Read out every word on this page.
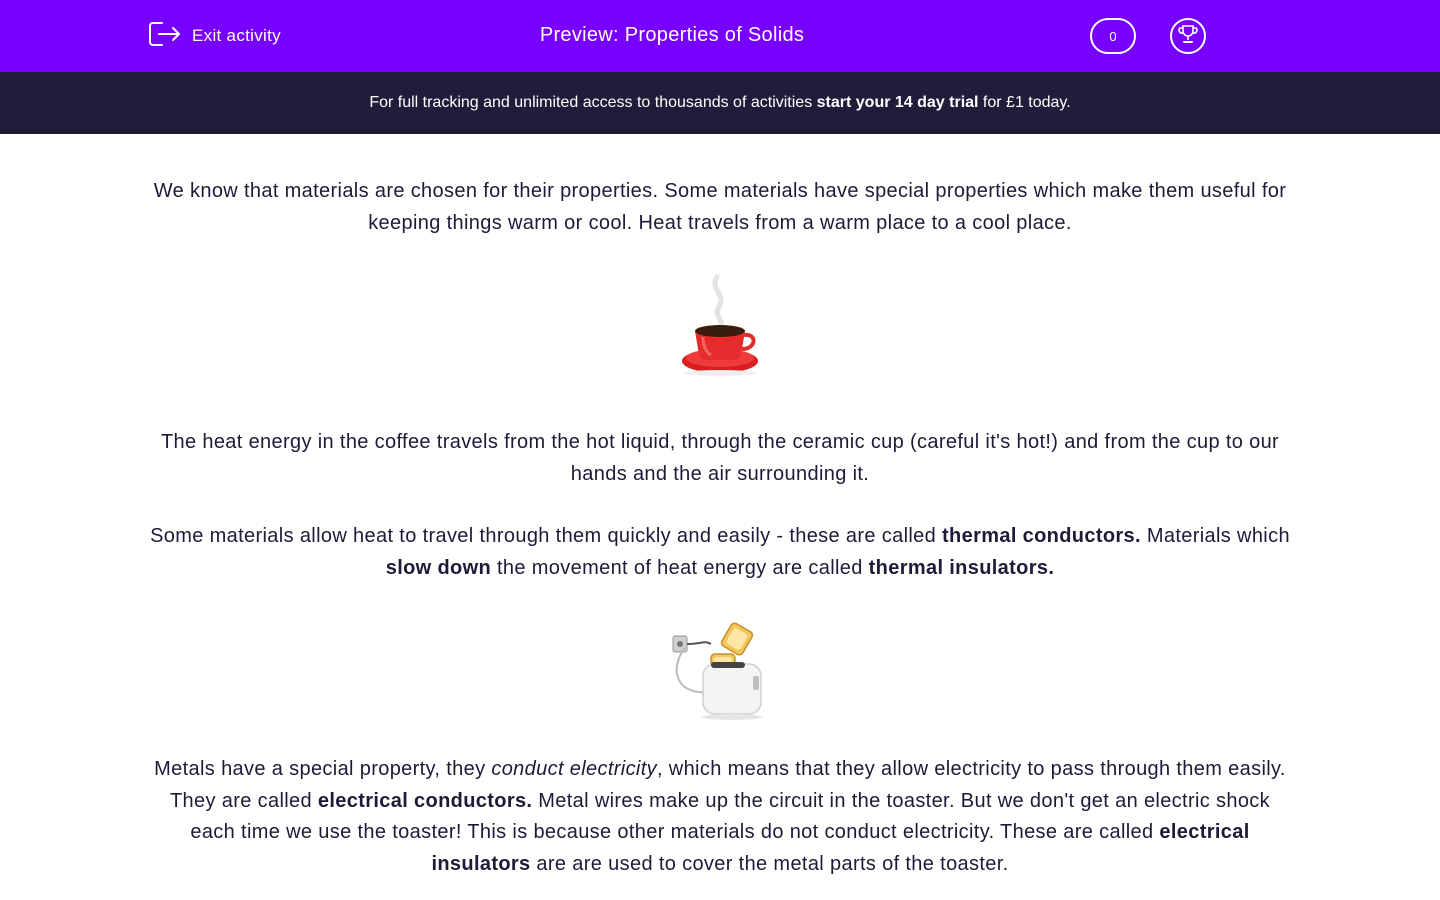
Exit activity	Preview: Properties of Solids	0
For full tracking and unlimited access to thousands of activities start your 14 day trial for £1 today.

We know that materials are chosen for their properties. Some materials have special properties which make them useful for keeping things warm or cool. Heat travels from a warm place to a cool place.

The heat energy in the coffee travels from the hot liquid, through the ceramic cup (careful it's hot!) and from the cup to our hands and the air surrounding it.

Some materials allow heat to travel through them quickly and easily - these are called thermal conductors. Materials which slow down the movement of heat energy are called thermal insulators.

Metals have a special property, they conduct electricity, which means that they allow electricity to pass through them easily. They are called electrical conductors. Metal wires make up the circuit in the toaster. But we don't get an electric shock each time we use the toaster! This is because other materials do not conduct electricity. These are called electrical insulators are are used to cover the metal parts of the toaster.
